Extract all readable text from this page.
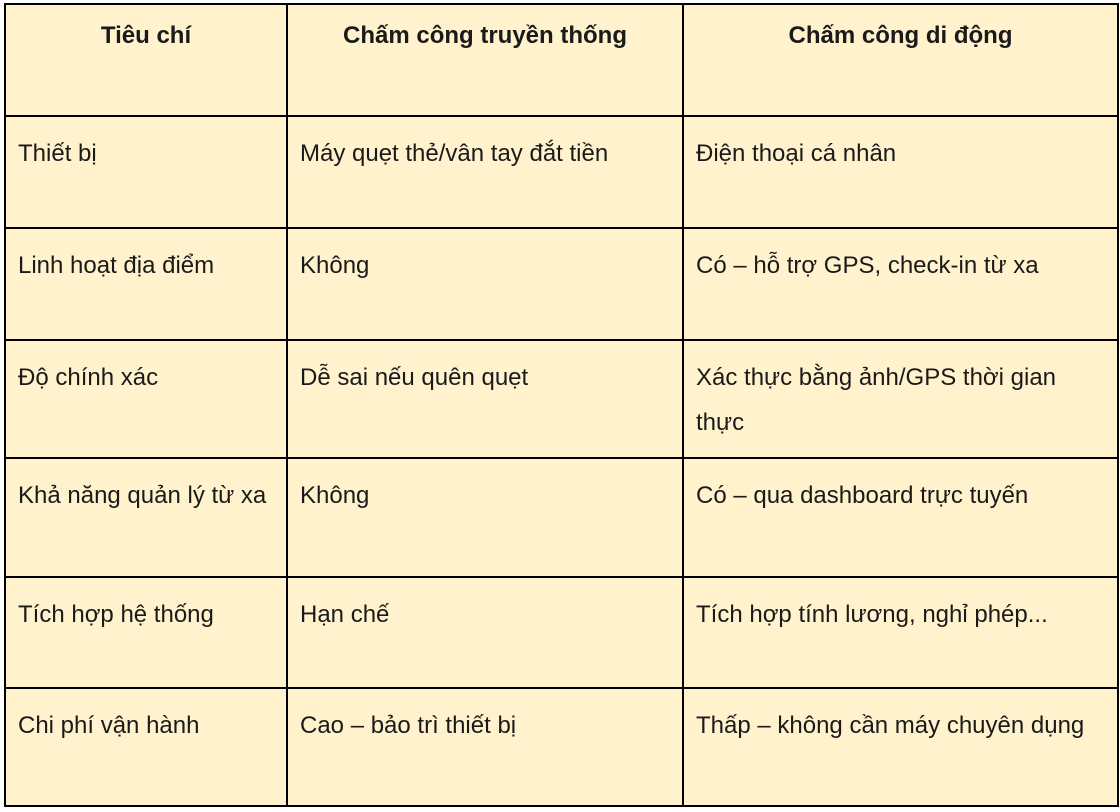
Tiêu chí	Chấm công truyền thống	Chấm công di động
Thiết bị	Máy quẹt thẻ/vân tay đắt tiền	Điện thoại cá nhân
Linh hoạt địa điểm	Không	Có – hỗ trợ GPS, check-in từ xa
Độ chính xác	Dễ sai nếu quên quẹt	Xác thực bằng ảnh/GPS thời gian thực
Khả năng quản lý từ xa	Không	Có – qua dashboard trực tuyến
Tích hợp hệ thống	Hạn chế	Tích hợp tính lương, nghỉ phép...
Chi phí vận hành	Cao – bảo trì thiết bị	Thấp – không cần máy chuyên dụng
